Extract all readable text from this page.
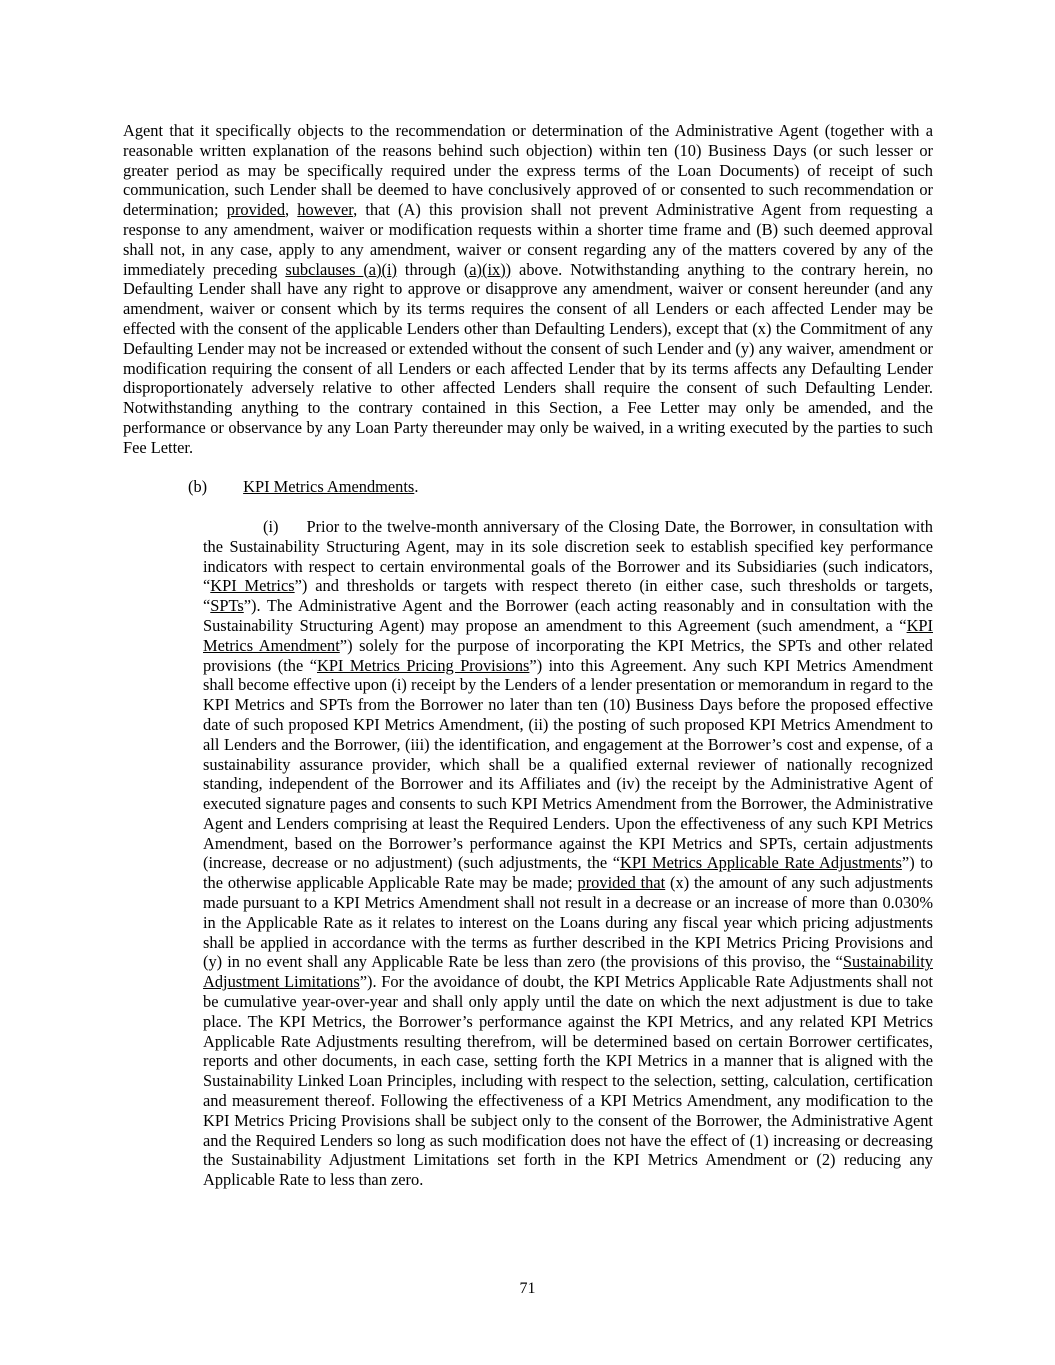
Agent that it specifically objects to the recommendation or determination of the Administrative Agent (together with a reasonable written explanation of the reasons behind such objection) within ten (10) Business Days (or such lesser or greater period as may be specifically required under the express terms of the Loan Documents) of receipt of such communication, such Lender shall be deemed to have conclusively approved of or consented to such recommendation or determination; provided, however, that (A) this provision shall not prevent Administrative Agent from requesting a response to any amendment, waiver or modification requests within a shorter time frame and (B) such deemed approval shall not, in any case, apply to any amendment, waiver or consent regarding any of the matters covered by any of the immediately preceding subclauses (a)(i) through (a)(ix)) above. Notwithstanding anything to the contrary herein, no Defaulting Lender shall have any right to approve or disapprove any amendment, waiver or consent hereunder (and any amendment, waiver or consent which by its terms requires the consent of all Lenders or each affected Lender may be effected with the consent of the applicable Lenders other than Defaulting Lenders), except that (x) the Commitment of any Defaulting Lender may not be increased or extended without the consent of such Lender and (y) any waiver, amendment or modification requiring the consent of all Lenders or each affected Lender that by its terms affects any Defaulting Lender disproportionately adversely relative to other affected Lenders shall require the consent of such Defaulting Lender. Notwithstanding anything to the contrary contained in this Section, a Fee Letter may only be amended, and the performance or observance by any Loan Party thereunder may only be waived, in a writing executed by the parties to such Fee Letter.

(b) KPI Metrics Amendments.

(i) Prior to the twelve-month anniversary of the Closing Date, the Borrower, in consultation with the Sustainability Structuring Agent, may in its sole discretion seek to establish specified key performance indicators with respect to certain environmental goals of the Borrower and its Subsidiaries (such indicators, “KPI Metrics”) and thresholds or targets with respect thereto (in either case, such thresholds or targets, “SPTs”). The Administrative Agent and the Borrower (each acting reasonably and in consultation with the Sustainability Structuring Agent) may propose an amendment to this Agreement (such amendment, a “KPI Metrics Amendment”) solely for the purpose of incorporating the KPI Metrics, the SPTs and other related provisions (the “KPI Metrics Pricing Provisions”) into this Agreement. Any such KPI Metrics Amendment shall become effective upon (i) receipt by the Lenders of a lender presentation or memorandum in regard to the KPI Metrics and SPTs from the Borrower no later than ten (10) Business Days before the proposed effective date of such proposed KPI Metrics Amendment, (ii) the posting of such proposed KPI Metrics Amendment to all Lenders and the Borrower, (iii) the identification, and engagement at the Borrower’s cost and expense, of a sustainability assurance provider, which shall be a qualified external reviewer of nationally recognized standing, independent of the Borrower and its Affiliates and (iv) the receipt by the Administrative Agent of executed signature pages and consents to such KPI Metrics Amendment from the Borrower, the Administrative Agent and Lenders comprising at least the Required Lenders. Upon the effectiveness of any such KPI Metrics Amendment, based on the Borrower’s performance against the KPI Metrics and SPTs, certain adjustments (increase, decrease or no adjustment) (such adjustments, the “KPI Metrics Applicable Rate Adjustments”) to the otherwise applicable Applicable Rate may be made; provided that (x) the amount of any such adjustments made pursuant to a KPI Metrics Amendment shall not result in a decrease or an increase of more than 0.030% in the Applicable Rate as it relates to interest on the Loans during any fiscal year which pricing adjustments shall be applied in accordance with the terms as further described in the KPI Metrics Pricing Provisions and (y) in no event shall any Applicable Rate be less than zero (the provisions of this proviso, the “Sustainability Adjustment Limitations”). For the avoidance of doubt, the KPI Metrics Applicable Rate Adjustments shall not be cumulative year-over-year and shall only apply until the date on which the next adjustment is due to take place. The KPI Metrics, the Borrower’s performance against the KPI Metrics, and any related KPI Metrics Applicable Rate Adjustments resulting therefrom, will be determined based on certain Borrower certificates, reports and other documents, in each case, setting forth the KPI Metrics in a manner that is aligned with the Sustainability Linked Loan Principles, including with respect to the selection, setting, calculation, certification and measurement thereof. Following the effectiveness of a KPI Metrics Amendment, any modification to the KPI Metrics Pricing Provisions shall be subject only to the consent of the Borrower, the Administrative Agent and the Required Lenders so long as such modification does not have the effect of (1) increasing or decreasing the Sustainability Adjustment Limitations set forth in the KPI Metrics Amendment or (2) reducing any Applicable Rate to less than zero.

71
